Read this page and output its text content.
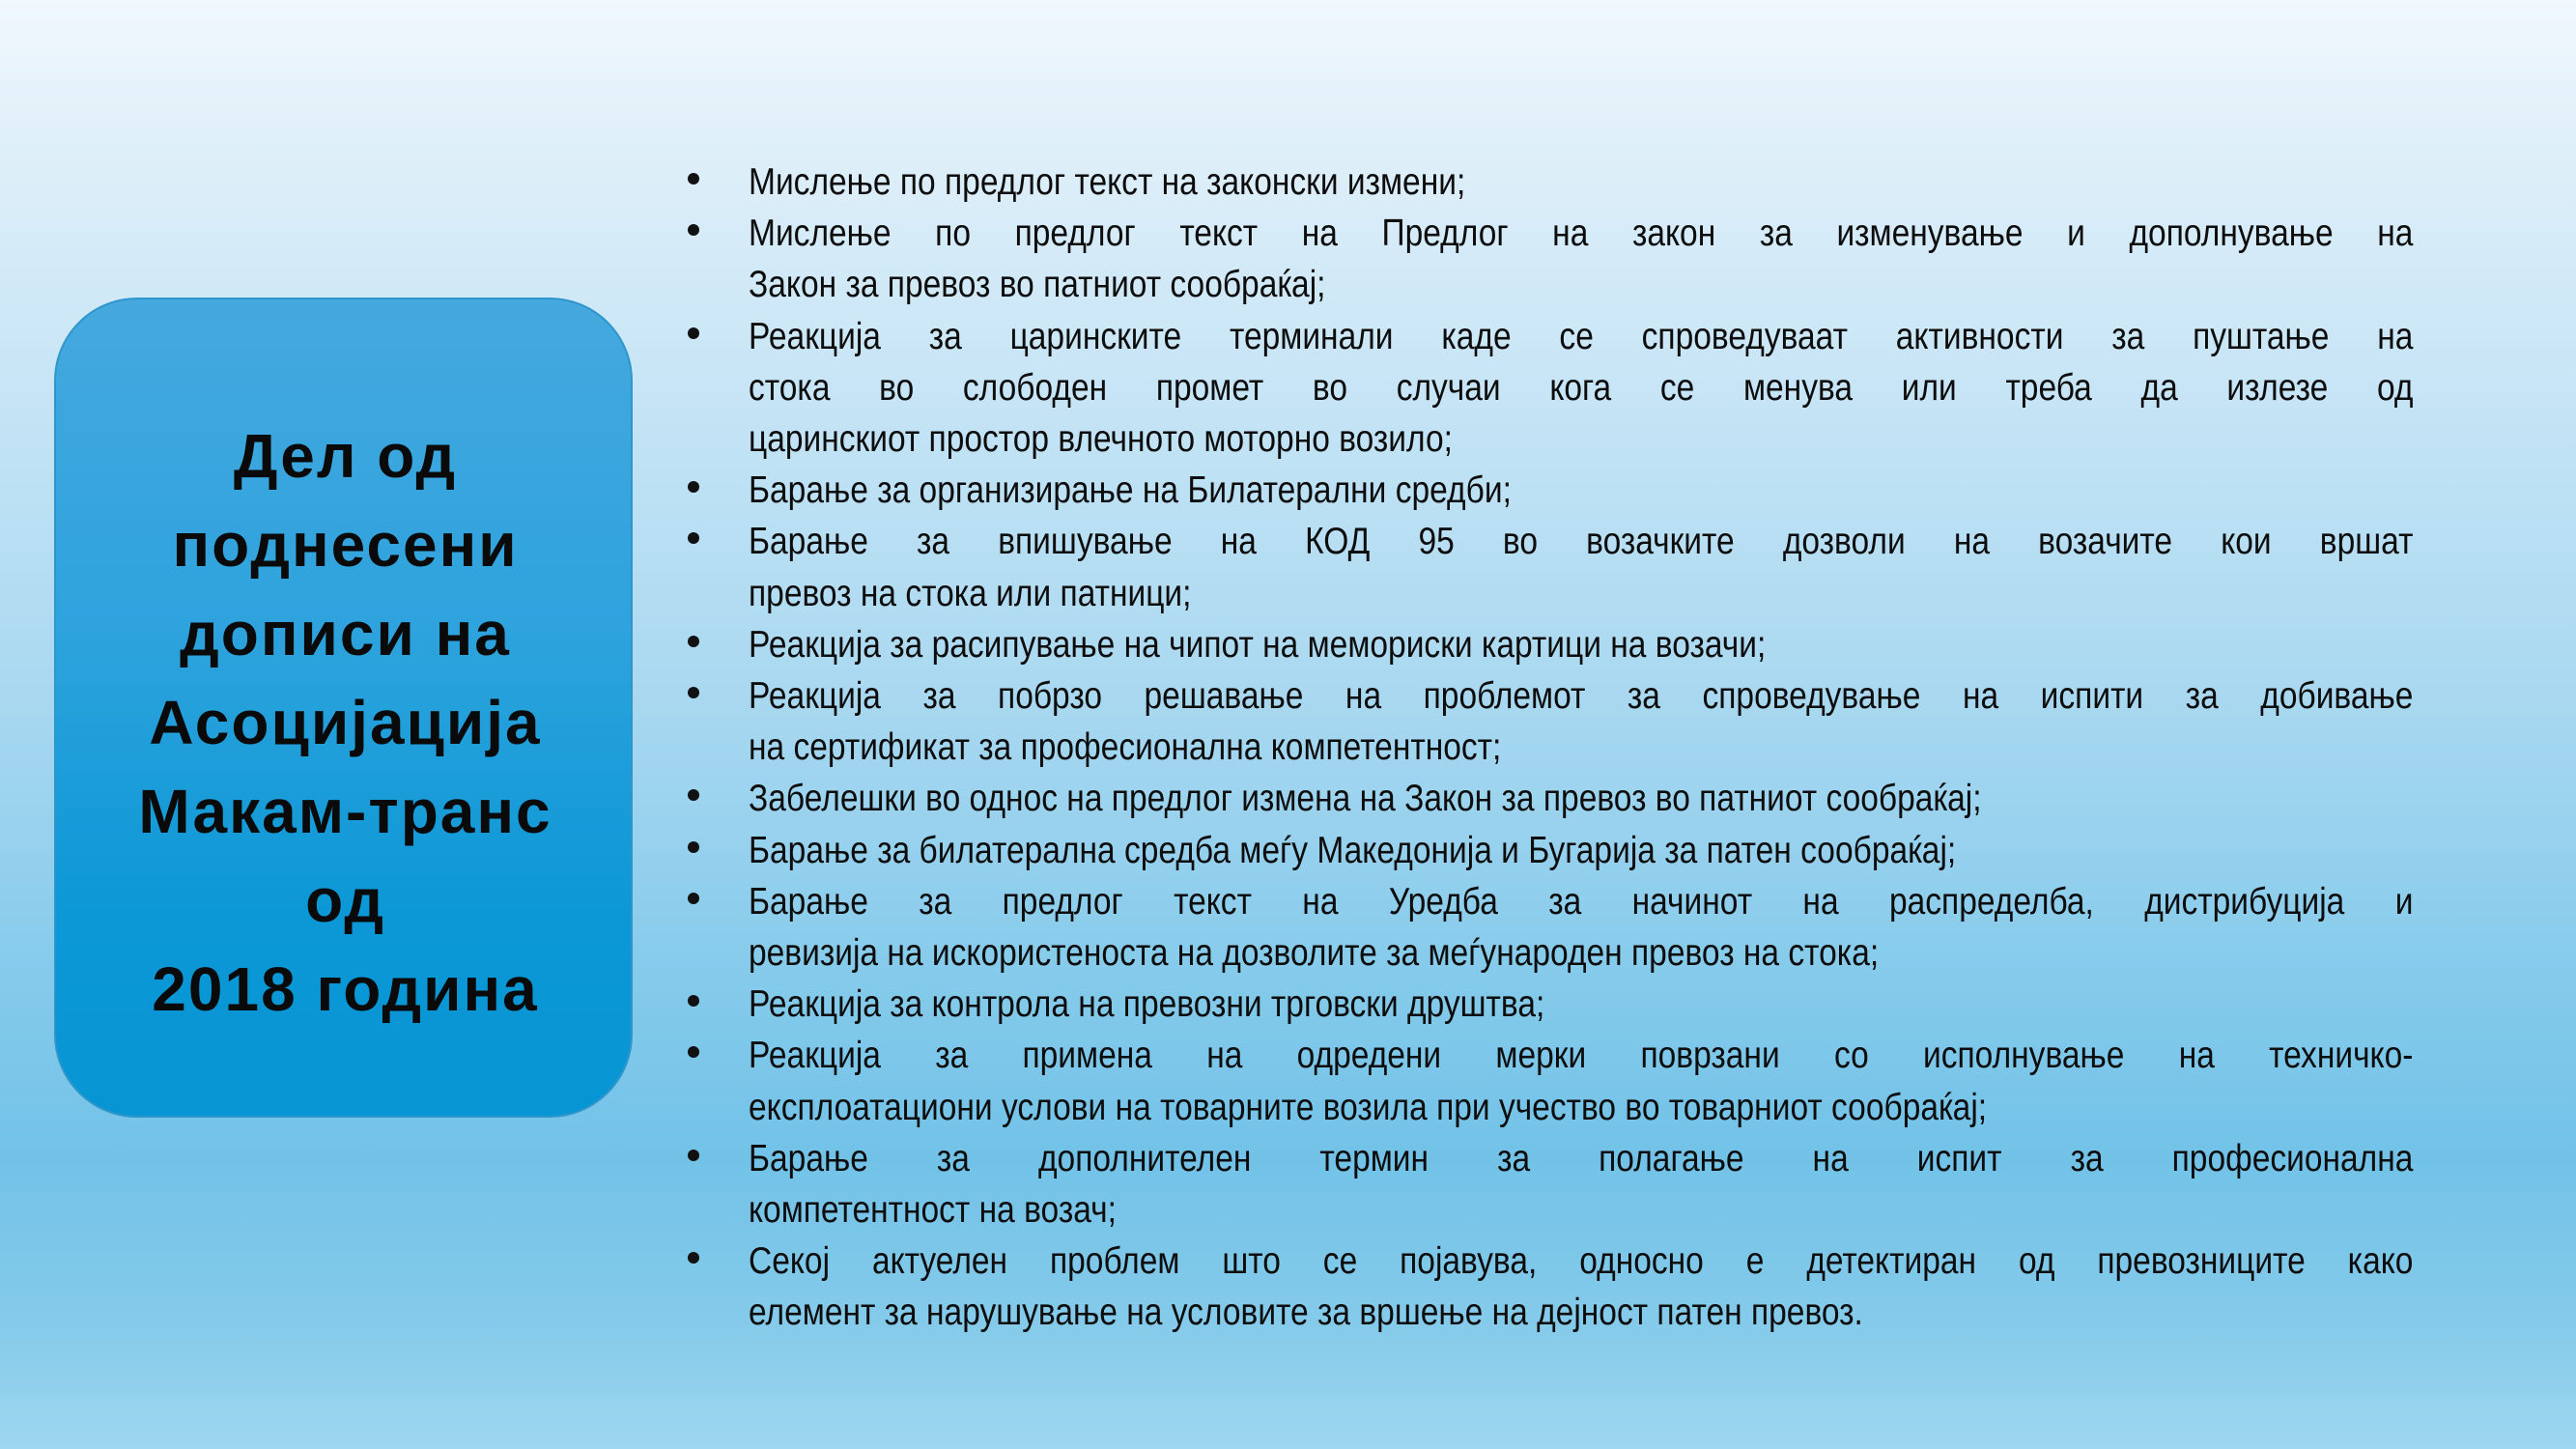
Дел од
поднесени
дописи на
Асоцијација
Макам-транс
од
2018 година
Мислење по предлог текст на законски измени;
Мислење по предлог текст на Предлог на закон за изменување и дополнување на
Закон за превоз во патниот сообраќај;
Реакција за царинските терминали каде се спроведуваат активности за пуштање на
стока во слободен промет во случаи кога се менува или треба да излезе од
царинскиот простор влечното моторно возило;
Барање за организирање на Билатерални средби;
Барање за впишување на КОД 95 во возачките дозволи на возачите кои вршат
превоз на стока или патници;
Реакција за расипување на чипот на мемориски картици на возачи;
Реакција за побрзо решавање на проблемот за спроведување на испити за добивање
на сертификат за професионална компетентност;
Забелешки во однос на предлог измена на Закон за превоз во патниот сообраќај;
Барање за билатерална средба меѓу Македонија и Бугарија за патен сообраќај;
Барање за предлог текст на Уредба за начинот на распределба, дистрибуција и
ревизија на искористеноста на дозволите за меѓународен превоз на стока;
Реакција за контрола на превозни трговски друштва;
Реакција за примена на одредени мерки поврзани со исполнување на техничко-
експлоатациони услови на товарните возила при учество во товарниот сообраќај;
Барање за дополнителен термин за полагање на испит за професионална
компетентност на возач;
Секој актуелен проблем што се појавува, односно е детектиран од превозниците како
елемент за нарушување на условите за вршење на дејност патен превоз.
